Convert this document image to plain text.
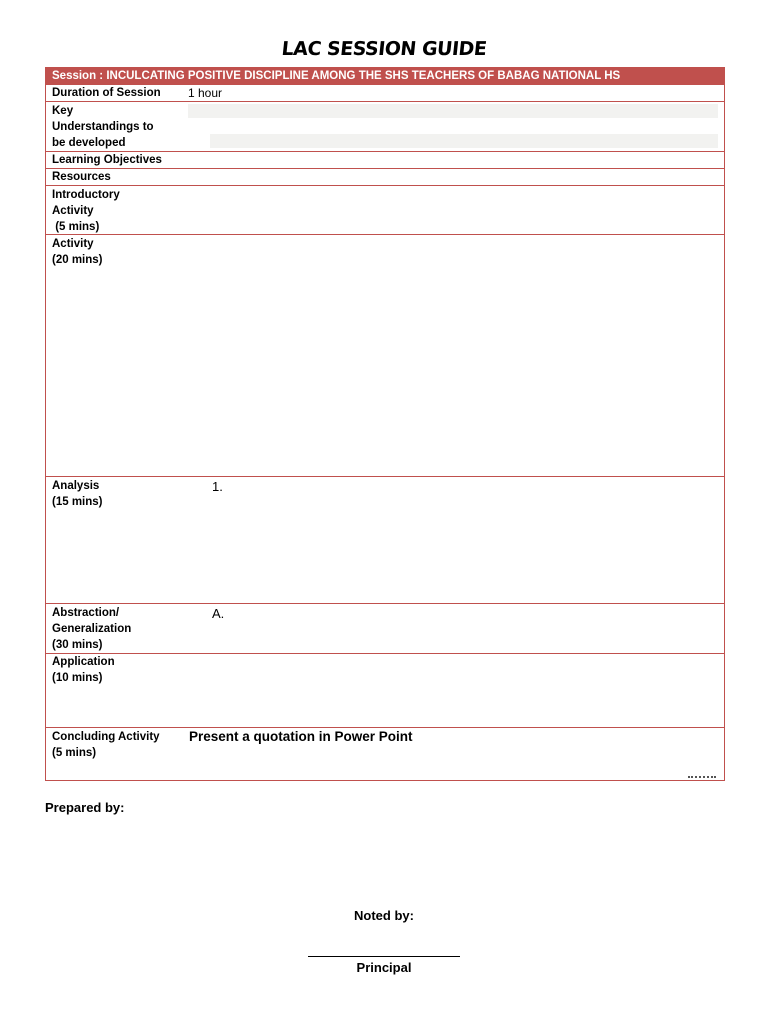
LAC SESSION GUIDE
Session : INCULCATING POSITIVE DISCIPLINE AMONG THE SHS TEACHERS OF BABAG NATIONAL HS
Duration of Session	1 hour
Key
Understandings to
be developed
Learning Objectives
Resources
Introductory
Activity
(5 mins)
Activity
(20 mins)
Analysis
(15 mins)
1.
Abstraction/
Generalization
(30 mins)
A.
Application
(10 mins)
Concluding Activity
(5 mins)
Present a quotation in Power Point
Prepared by:
Noted by:
Principal
